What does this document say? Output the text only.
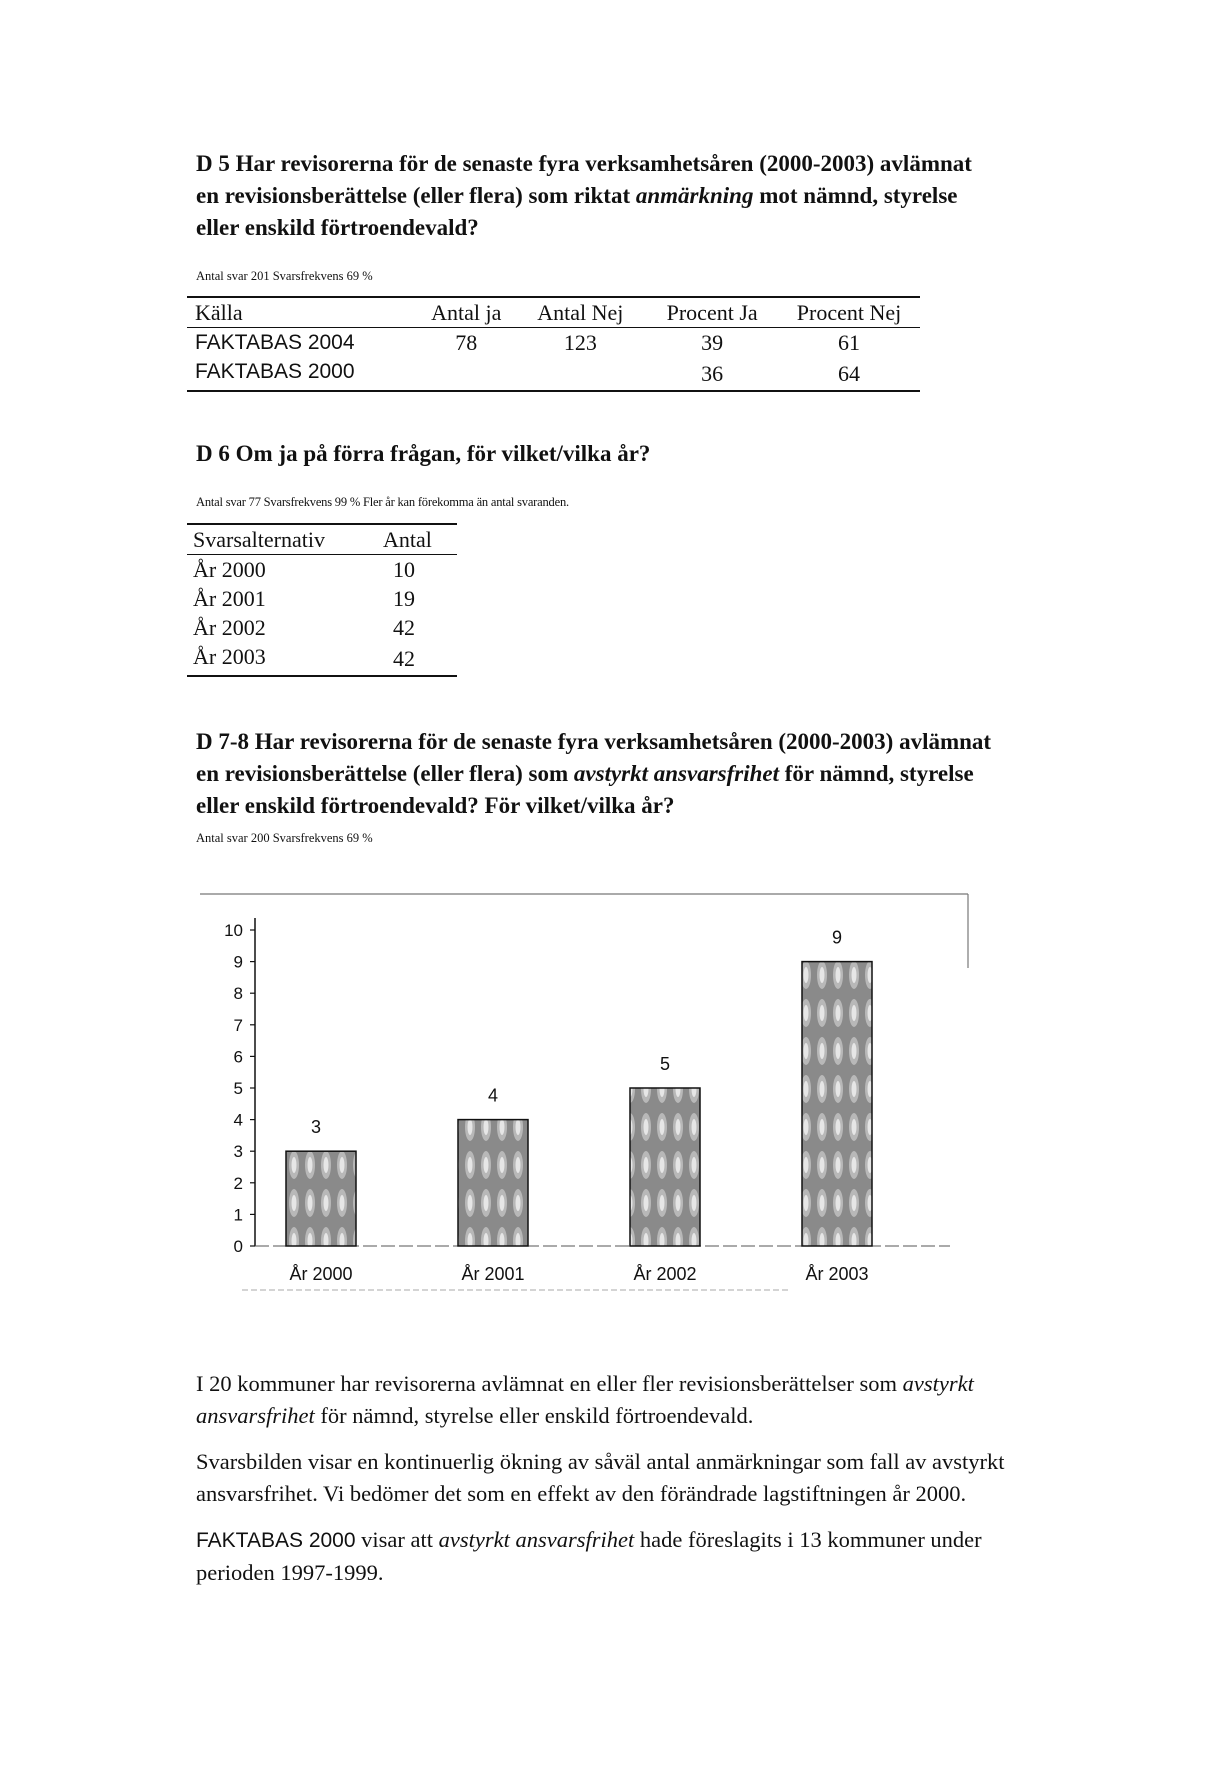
D 5 Har revisorerna för de senaste fyra verksamhetsåren (2000-2003) avlämnat en revisionsberättelse (eller flera) som riktat anmärkning mot nämnd, styrelse eller enskild förtroendevald?
Antal svar 201 Svarsfrekvens 69 %
Källa	Antal ja	Antal Nej	Procent Ja	Procent Nej
FAKTABAS 2004	78	123	39	61
FAKTABAS 2000			36	64
D 6 Om ja på förra frågan, för vilket/vilka år?
Antal svar 77 Svarsfrekvens 99 % Fler år kan förekomma än antal svaranden.
Svarsalternativ	Antal
År 2000	10
År 2001	19
År 2002	42
År 2003	42
D 7-8 Har revisorerna för de senaste fyra verksamhetsåren (2000-2003) avlämnat en revisionsberättelse (eller flera) som avstyrkt ansvarsfrihet för nämnd, styrelse eller enskild förtroendevald? För vilket/vilka år?
Antal svar 200 Svarsfrekvens 69 %
0
1
2
3
4
5
6
7
8
9
10
3
4
5
9
År 2000	År 2001	År 2002	År 2003

I 20 kommuner har revisorerna avlämnat en eller fler revisionsberättelser som avstyrkt ansvarsfrihet för nämnd, styrelse eller enskild förtroendevald.

Svarsbilden visar en kontinuerlig ökning av såväl antal anmärkningar som fall av avstyrkt ansvarsfrihet. Vi bedömer det som en effekt av den förändrade lagstiftningen år 2000.

FAKTABAS 2000 visar att avstyrkt ansvarsfrihet hade föreslagits i 13 kommuner under perioden 1997-1999.
